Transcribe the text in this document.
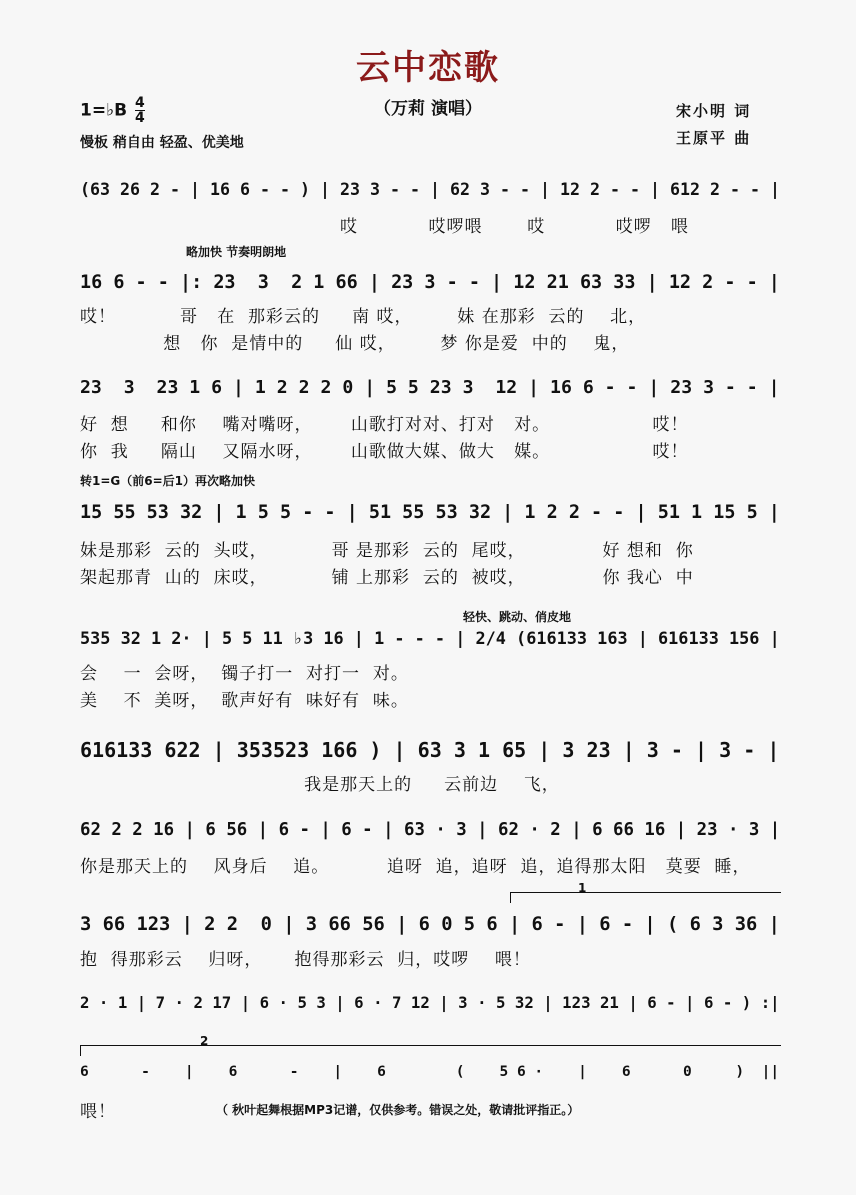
云中恋歌
（万莉 演唱）
1=♭B $\frac{4}{4}$
慢板 稍自由 轻盈、优美地
宋小明 词
王原平 曲
略加快 节奏明朗地
转1=G（前6=后1）再次略加快
轻快、跳动、俏皮地
1
2
(63 26 2 - | 16 6 - - ) | 23 3 - - | 62 3 - - | 12 2 - - | 612 2 - - |
哎           哎啰喂       哎           哎啰   喂
16 6 - - |: 23  3  2 1 66 | 23 3 - - | 12 21 63 33 | 12 2 - - |
哎！          哥   在  那彩云的     南 哎，       妹 在那彩  云的    北，
想   你  是情中的     仙 哎，       梦 你是爱  中的    鬼，
23  3  23 1 6 | 1 2 2 2 0 | 5 5 23 3  12 | 16 6 - - | 23 3 - - |
好  想     和你    嘴对嘴呀，      山歌打对对、打对   对。                哎！
你  我     隔山    又隔水呀，      山歌做大媒、做大   媒。                哎！
15 55 53 32 | 1 5 5 - - | 51 55 53 32 | 1 2 2 - - | 51 1 15 5 |
妹是那彩  云的  头哎，          哥 是那彩  云的  尾哎，            好 想和  你
架起那青  山的  床哎，          铺 上那彩  云的  被哎，            你 我心  中
535 32 1 2· | 5 5 11 ♭3 16 | 1 - - - | 2/4 (616133 163 | 616133 156 |
会    一  会呀，  镯子打一  对打一  对。
美    不  美呀，  歌声好有  味好有  味。
616133 622 | 353523 166 ) | 63 3 1 65 | 3 23 | 3 - | 3 - |
我是那天上的     云前边    飞，
62 2 2 16 | 6 56 | 6 - | 6 - | 63 · 3 | 62 · 2 | 6 66 16 | 23 · 3 |
你是那天上的    风身后    追。         追呀  追，追呀  追，追得那太阳   莫要  睡，
3 66 123 | 2 2  0 | 3 66 56 | 6 0 5 6 | 6 - | 6 - | ( 6 3 36 |
抱  得那彩云    归呀，     抱得那彩云  归，哎啰    喂！
2 · 1 | 7 · 2 17 | 6 · 5 3 | 6 · 7 12 | 3 · 5 32 | 123 21 | 6 - | 6 - ) :|
6      -    |    6      -    |    6        (    5 6 ·    |    6      0     )  ||
喂！	（ 秋叶起舞根据MP3记谱，仅供参考。错误之处，敬请批评指正。）
